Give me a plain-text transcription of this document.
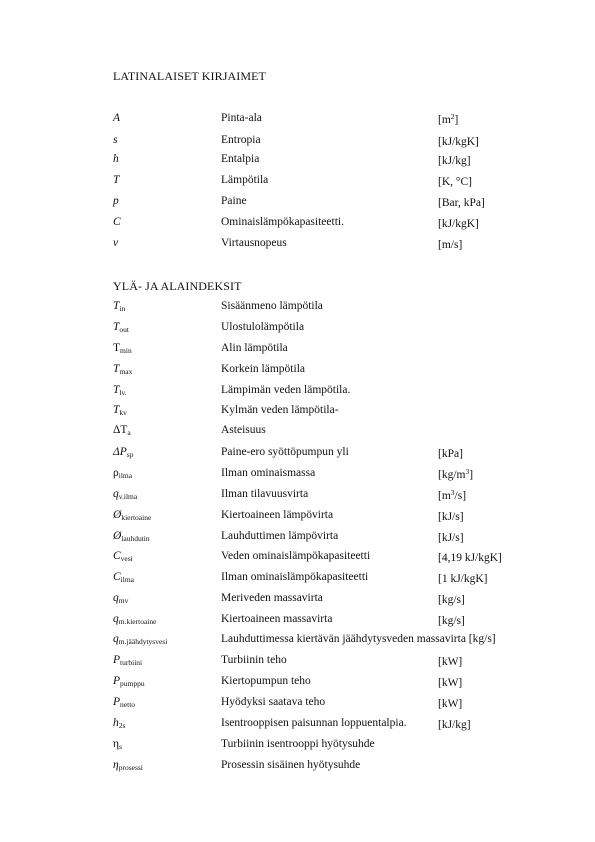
LATINALAISET KIRJAIMET
A	Pinta-ala	$[m^2]$
s	Entropia	[kJ/kgK]
h	Entalpia	[kJ/kg]
T	Lämpötila	[K, °C]
p	Paine	[Bar, kPa]
C	Ominaislämpökapasiteetti.	[kJ/kgK]
v	Virtausnopeus	[m/s]
YLÄ- JA ALAINDEKSIT
$T_{in}$	Sisäänmeno lämpötila
$T_{out}$	Ulostulolämpötila
$T_{min}$	Alin lämpötila
$T_{max}$	Korkein lämpötila
$T_{lv.}$	Lämpimän veden lämpötila.
$T_{kv}$	Kylmän veden lämpötila-
$\Delta T_a$	Asteisuus
$\Delta P_{sp}$	Paine-ero syöttöpumpun yli	[kPa]
$\rho_{ilma}$	Ilman ominaismassa	$[kg/m^3]$
$q_{v.ilma}$	Ilman tilavuusvirta	$[m^3/s]$
$Ø_{kiertoaine}$	Kiertoaineen lämpövirta	[kJ/s]
$Ø_{lauhdutin}$	Lauhduttimen lämpövirta	[kJ/s]
$C_{vesi}$	Veden ominaislämpökapasiteetti	[4,19 kJ/kgK]
$C_{ilma}$	Ilman ominaislämpökapasiteetti	[1 kJ/kgK]
$q_{mv}$	Meriveden massavirta	[kg/s]
$q_{m.kiertoaine}$	Kiertoaineen massavirta	[kg/s]
$q_{m.jäähdytysvesi}$	Lauhduttimessa kiertävän jäähdytysveden massavirta [kg/s]
$P_{turbiini}$	Turbiinin teho	[kW]
$P_{pumppu}$	Kiertopumpun teho	[kW]
$P_{netto}$	Hyödyksi saatava teho	[kW]
$h_{2s}$	Isentrooppisen paisunnan loppuentalpia.	[kJ/kg]
$\eta_s$	Turbiinin isentrooppi hyötysuhde
$\eta_{prosessi}$	Prosessin sisäinen hyötysuhde
